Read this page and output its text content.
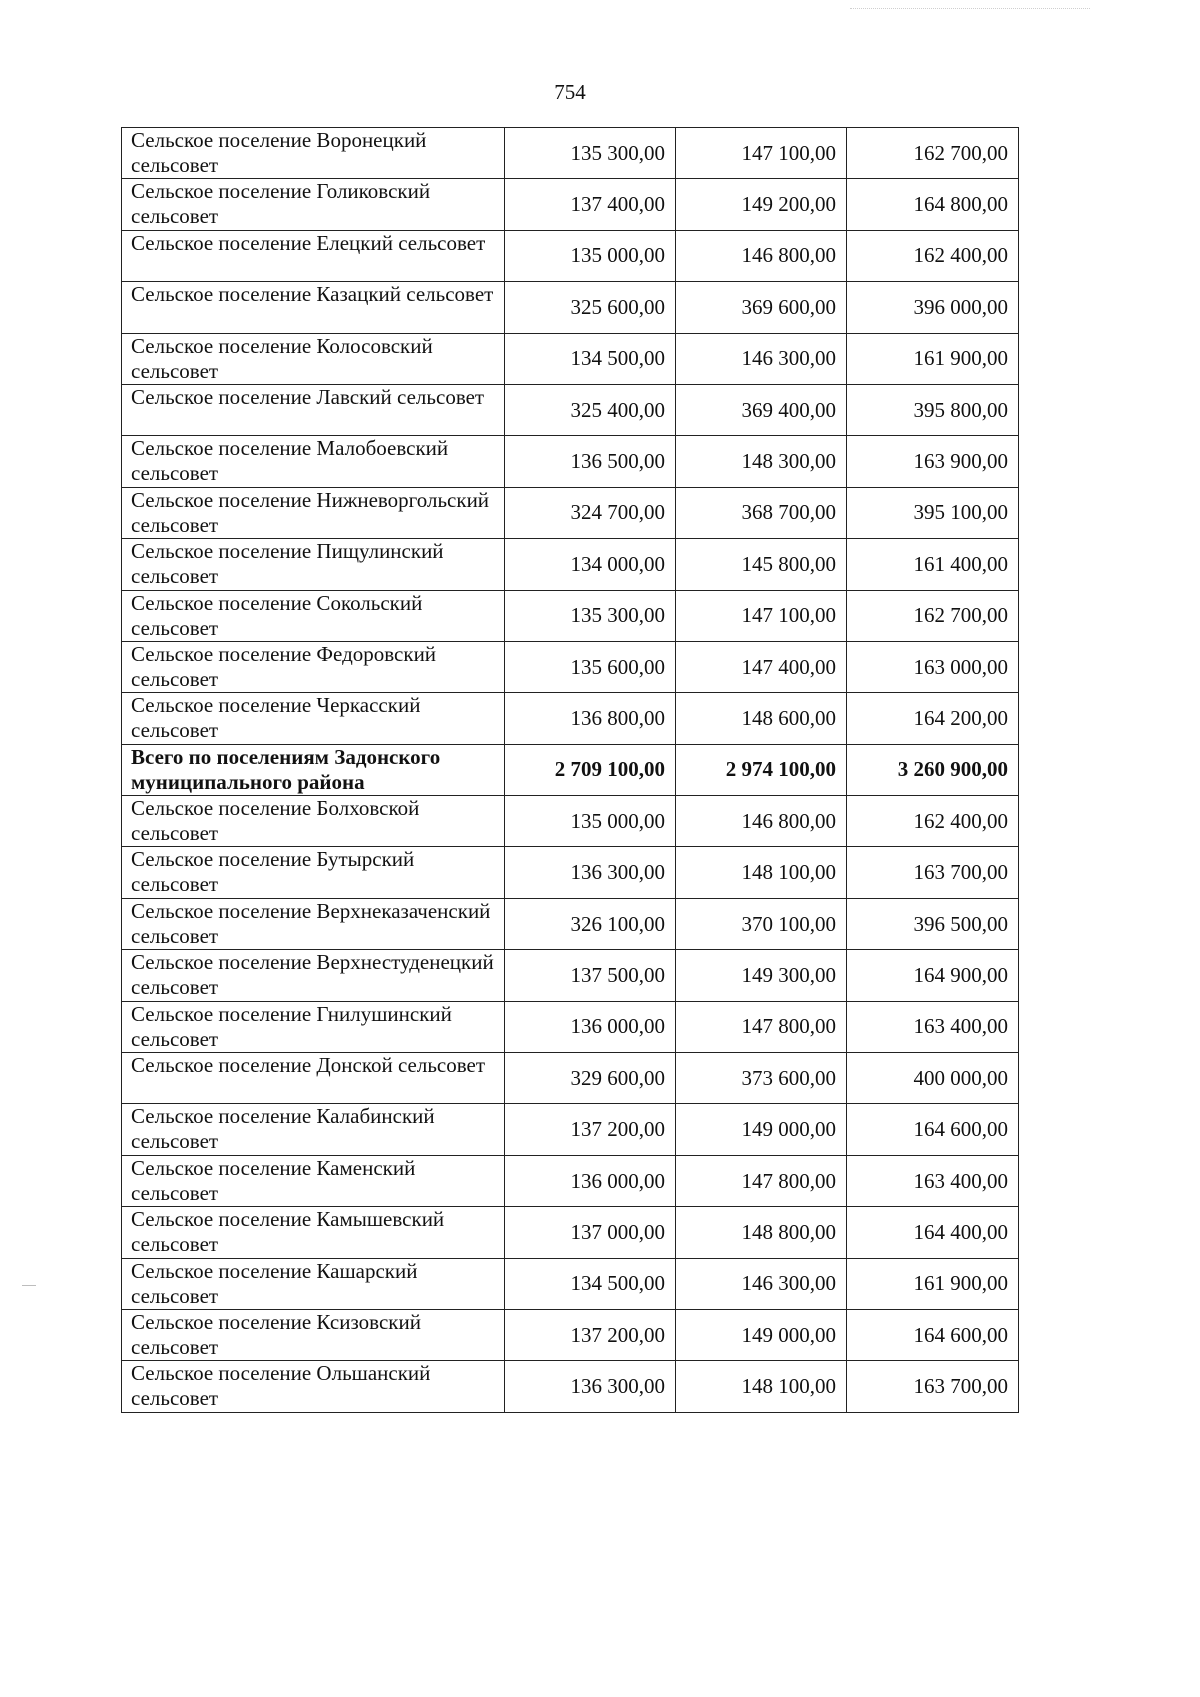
754
Сельское поселение Воронецкий сельсовет	135 300,00	147 100,00	162 700,00
Сельское поселение Голиковский сельсовет	137 400,00	149 200,00	164 800,00
Сельское поселение Елецкий сельсовет	135 000,00	146 800,00	162 400,00
Сельское поселение Казацкий сельсовет	325 600,00	369 600,00	396 000,00
Сельское поселение Колосовский сельсовет	134 500,00	146 300,00	161 900,00
Сельское поселение Лавский сельсовет	325 400,00	369 400,00	395 800,00
Сельское поселение Малобоевский сельсовет	136 500,00	148 300,00	163 900,00
Сельское поселение Нижневоргольский сельсовет	324 700,00	368 700,00	395 100,00
Сельское поселение Пищулинский сельсовет	134 000,00	145 800,00	161 400,00
Сельское поселение Сокольский сельсовет	135 300,00	147 100,00	162 700,00
Сельское поселение Федоровский сельсовет	135 600,00	147 400,00	163 000,00
Сельское поселение Черкасский сельсовет	136 800,00	148 600,00	164 200,00
Всего по поселениям Задонского муниципального района	2 709 100,00	2 974 100,00	3 260 900,00
Сельское поселение Болховской сельсовет	135 000,00	146 800,00	162 400,00
Сельское поселение Бутырский сельсовет	136 300,00	148 100,00	163 700,00
Сельское поселение Верхнеказаченский сельсовет	326 100,00	370 100,00	396 500,00
Сельское поселение Верхнестуденецкий сельсовет	137 500,00	149 300,00	164 900,00
Сельское поселение Гнилушинский сельсовет	136 000,00	147 800,00	163 400,00
Сельское поселение Донской сельсовет	329 600,00	373 600,00	400 000,00
Сельское поселение Калабинский сельсовет	137 200,00	149 000,00	164 600,00
Сельское поселение Каменский сельсовет	136 000,00	147 800,00	163 400,00
Сельское поселение Камышевский сельсовет	137 000,00	148 800,00	164 400,00
Сельское поселение Кашарский сельсовет	134 500,00	146 300,00	161 900,00
Сельское поселение Ксизовский сельсовет	137 200,00	149 000,00	164 600,00
Сельское поселение Ольшанский сельсовет	136 300,00	148 100,00	163 700,00
